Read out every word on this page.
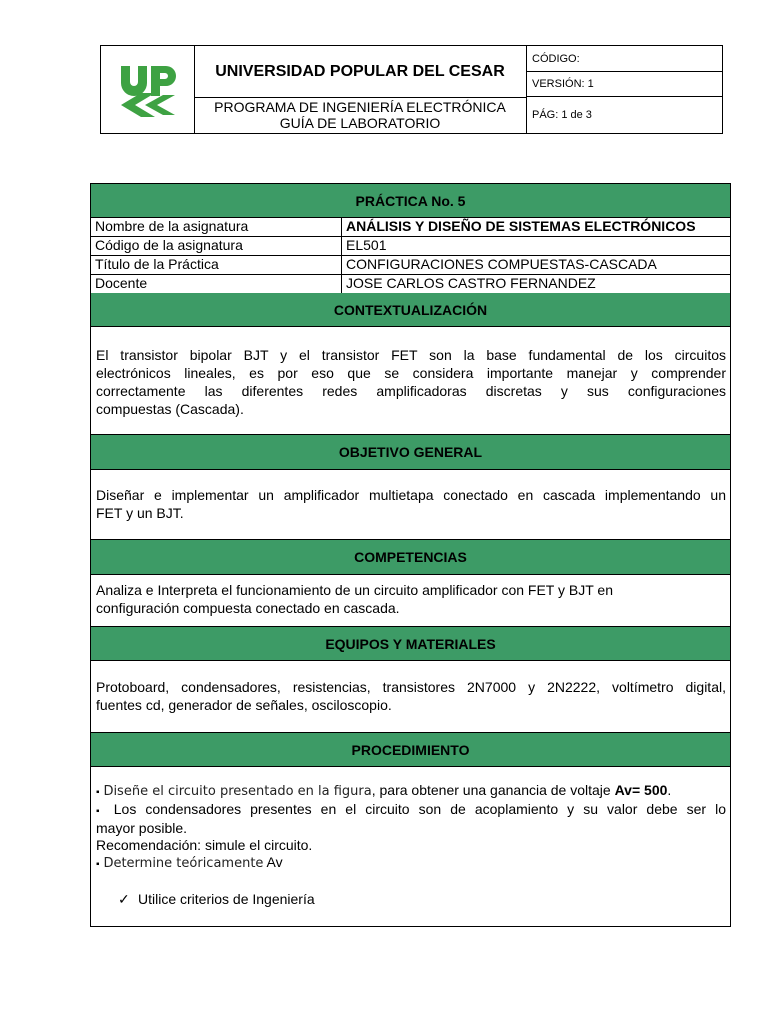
UNIVERSIDAD POPULAR DEL CESAR
PROGRAMA DE INGENIERÍA ELECTRÓNICA
GUÍA DE LABORATORIO
CÓDIGO:
VERSIÓN: 1
PÁG: 1 de 3
PRÁCTICA No. 5
Nombre de la asignatura	ANÁLISIS Y DISEÑO DE SISTEMAS ELECTRÓNICOS
Código de la asignatura	EL501
Título de la Práctica	CONFIGURACIONES COMPUESTAS-CASCADA
Docente	JOSE CARLOS CASTRO FERNANDEZ
CONTEXTUALIZACIÓN
El transistor bipolar BJT y el transistor FET son la base fundamental de los circuitos
electrónicos lineales, es por eso que se considera importante manejar y comprender
correctamente las diferentes redes amplificadoras discretas y sus configuraciones
compuestas (Cascada).
OBJETIVO GENERAL
Diseñar e implementar un amplificador multietapa conectado en cascada implementando un
FET y un BJT.
COMPETENCIAS
Analiza e Interpreta el funcionamiento de un circuito amplificador con FET y BJT en
configuración compuesta conectado en cascada.
EQUIPOS Y MATERIALES
Protoboard, condensadores, resistencias, transistores 2N7000 y 2N2222, voltímetro digital,
fuentes cd, generador de señales, osciloscopio.
PROCEDIMIENTO
▪ Diseñe el circuito presentado en la figura, para obtener una ganancia de voltaje Av= 500.
▪ Los condensadores presentes en el circuito son de acoplamiento y su valor debe ser lo
mayor posible.
Recomendación: simule el circuito.
▪ Determine teóricamente Av
✓ Utilice criterios de Ingeniería
